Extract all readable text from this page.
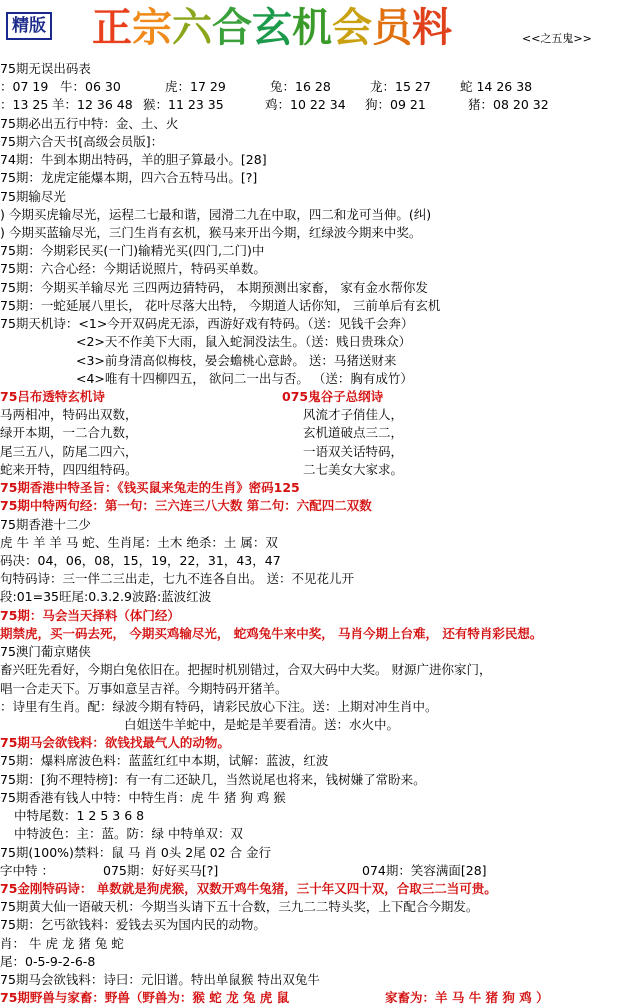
精版 正宗六合玄机会员料	<<之五鬼>>
75期无误出码表
：07 19 牛：06 30	虎：17 29	兔：16 28	龙：15 27 蛇 14 26 38
：13 25 羊：12 36 48 猴：11 23 35	鸡：10 22 34 狗：09 21	猪：08 20 32
75期必出五行中特：金、土、火
75期六合天书[高级会员版]：
74期：牛到本期出特码，羊的胆子算最小。[28]
75期：龙虎定能爆本期，四六合五特马出。[?]
75期输尽光
) 今期买虎输尽光，运程二七最和谐，园滑二九在中取，四二和龙可当伸。(纠)
) 今期买蓝输尽光，三门生肖有玄机，猴马来开出今期，红绿波今期来中奖。
75期：今期彩民买(一门)输精光买(四门,二门)中
75期：六合心经：今期话说照片，特码买单数。
75期：今期买羊输尽光 三四两边猜特码， 本期预测出家畜， 家有金水帮你发
75期：一蛇延展八里长， 花叶尽落大出特， 今期道人话你知， 三前单后有玄机
75期天机诗：<1>今开双码虎无添，西游好戏有特码。（送：见钱千会奔）
<2>天不作美下大雨，鼠入蛇洞没法生。（送：贱日贵珠众）
<3>前身清高似梅枝，晏会蟾桃心意龄。 送：马猪送财来
<4>唯有十四柳四五， 欲问二一出与否。 （送：胸有成竹）
75吕布透特玄机诗	075鬼谷子总纲诗
马两相冲，特码出双数，	风流才子俏佳人，
绿开本期，一二合九数，	玄机道破点三二，
尾三五八，防尾二四六，	一语双关话特码，
蛇来开特，四四组特码。	二七美女大家求。
75期香港中特圣旨：《钱买鼠来兔走的生肖》密码125
75期中特两句经：第一句：三六连三八大数 第二句：六配四二双数
75期香港十二少
虎 牛 羊 羊 马 蛇、生肖尾：土木 绝杀：土 属：双
码决：04，06，08，15，19，22，31，43，47
句特码诗：三一伴二三出走，七九不连各自出。 送：不见花儿开
段:01=35旺尾:0.3.2.9波路:蓝波红波
75期：马会当天择料（体门经）
期禁虎，买一码去死， 今期买鸡输尽光， 蛇鸡兔牛来中奖， 马肖今期上台难， 还有特肖彩民想。
75澳门葡京赌侠
畜兴旺先看好，今期白兔依旧在。把握时机别错过，合双大码中大奖。 财源广进你家门，
唱一合走天下。万事如意呈吉祥。今期特码开猪羊。
：诗里有生肖。配：绿波今期有特码，请彩民放心下注。送：上期对冲生肖中。
白姐送牛羊蛇中，是蛇是羊要看清。送：水火中。
75期马会欲钱料：欲钱找最气人的动物。
75期：爆料席波色料：蓝蓝红红中本期，试解：蓝波，红波
75期：[狗不理特榜]：有一有二还缺几，当然说尾也将来，钱树嫌了常盼来。
75期香港有钱人中特：中特生肖：虎 牛 猪 狗 鸡 猴
中特尾数：1 2 5 3 6 8
中特波色：主：蓝。防：绿 中特单双：双
75期(100%)禁料：鼠 马 肖 0头 2尾 02 合 金行
字中特 ：	075期：好好买马[?]	074期：笑容满面[28]
75金刚特码诗： 单数就是狗虎猴，双数开鸡牛兔猪，三十年又四十双，合取三二当可贵。
75期黄大仙一语破天机：今期当头请下五十合数，三九二二特头奖，上下配合今期发。
75期：乞丐欲钱料：爱钱去买为国内民的动物。
肖： 牛 虎 龙 猪 兔 蛇
尾：0-5-9-2-6-8
75期马会欲钱料：诗曰：元旧谱。特出单鼠猴 特出双兔牛
75期野兽与家畜：野兽（野兽为：猴 蛇 龙 兔 虎 鼠	家畜为：羊 马 牛 猪 狗 鸡 ）
